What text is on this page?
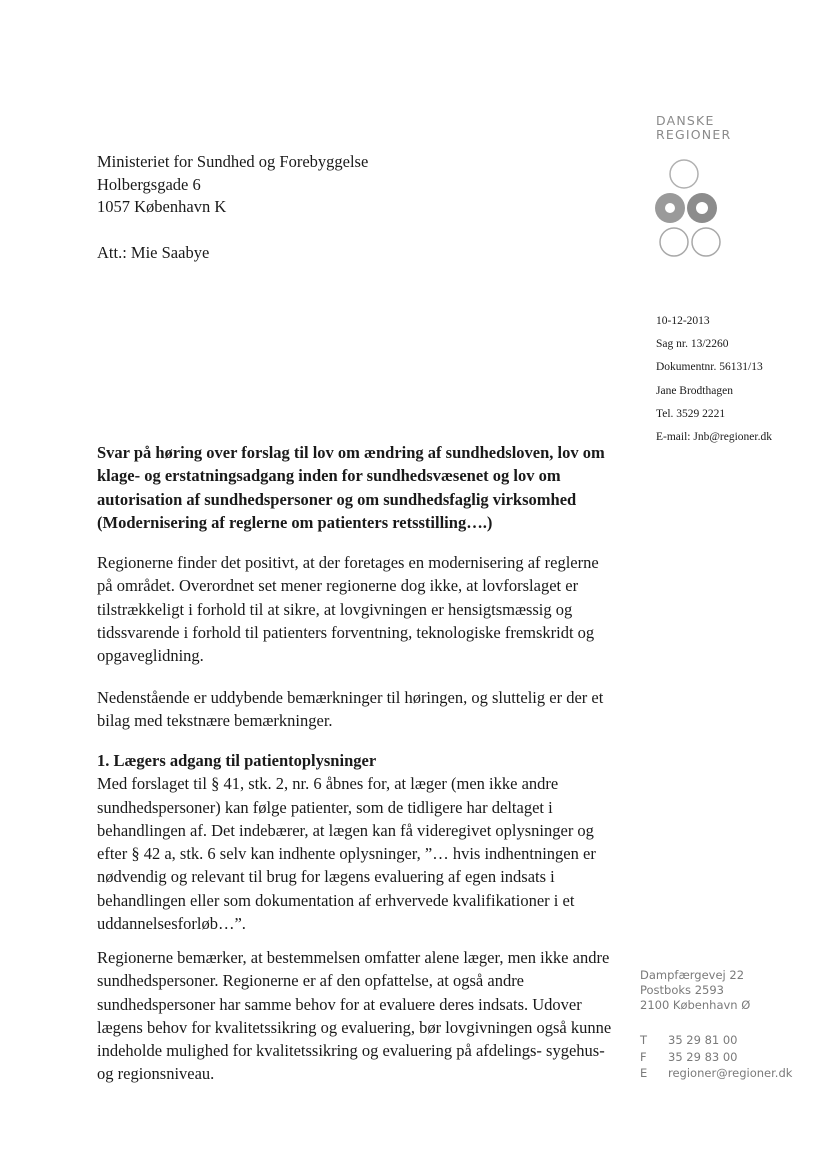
DANSKE
REGIONER
Ministeriet for Sundhed og Forebyggelse
Holbergsgade 6
1057 København K
Att.: Mie Saabye
10-12-2013
Sag nr. 13/2260
Dokumentnr. 56131/13
Jane Brodthagen
Tel. 3529 2221
E-mail: Jnb@regioner.dk
Svar på høring over forslag til lov om ændring af sundhedsloven, lov om klage- og erstatningsadgang inden for sundhedsvæsenet og lov om autorisation af sundhedspersoner og om sundhedsfaglig virksomhed (Modernisering af reglerne om patienters retsstilling….)
Regionerne finder det positivt, at der foretages en modernisering af reglerne på området. Overordnet set mener regionerne dog ikke, at lovforslaget er tilstrækkeligt i forhold til at sikre, at lovgivningen er hensigtsmæssig og tidssvarende i forhold til patienters forventning, teknologiske fremskridt og opgaveglidning.
Nedenstående er uddybende bemærkninger til høringen, og sluttelig er der et bilag med tekstnære bemærkninger.
1. Lægers adgang til patientoplysninger
Med forslaget til § 41, stk. 2, nr. 6 åbnes for, at læger (men ikke andre sundhedspersoner) kan følge patienter, som de tidligere har deltaget i behandlingen af. Det indebærer, at lægen kan få videregivet oplysninger og efter § 42 a, stk. 6 selv kan indhente oplysninger, ”… hvis indhentningen er nødvendig og relevant til brug for lægens evaluering af egen indsats i behandlingen eller som dokumentation af erhvervede kvalifikationer i et uddannelsesforløb…”.
Regionerne bemærker, at bestemmelsen omfatter alene læger, men ikke andre sundhedspersoner. Regionerne er af den opfattelse, at også andre sundhedspersoner har samme behov for at evaluere deres indsats. Udover lægens behov for kvalitetssikring og evaluering, bør lovgivningen også kunne indeholde mulighed for kvalitetssikring og evaluering på afdelings- sygehus- og regionsniveau.
Dampfærgevej 22
Postboks 2593
2100 København Ø
T 35 29 81 00
F 35 29 83 00
E regioner@regioner.dk
